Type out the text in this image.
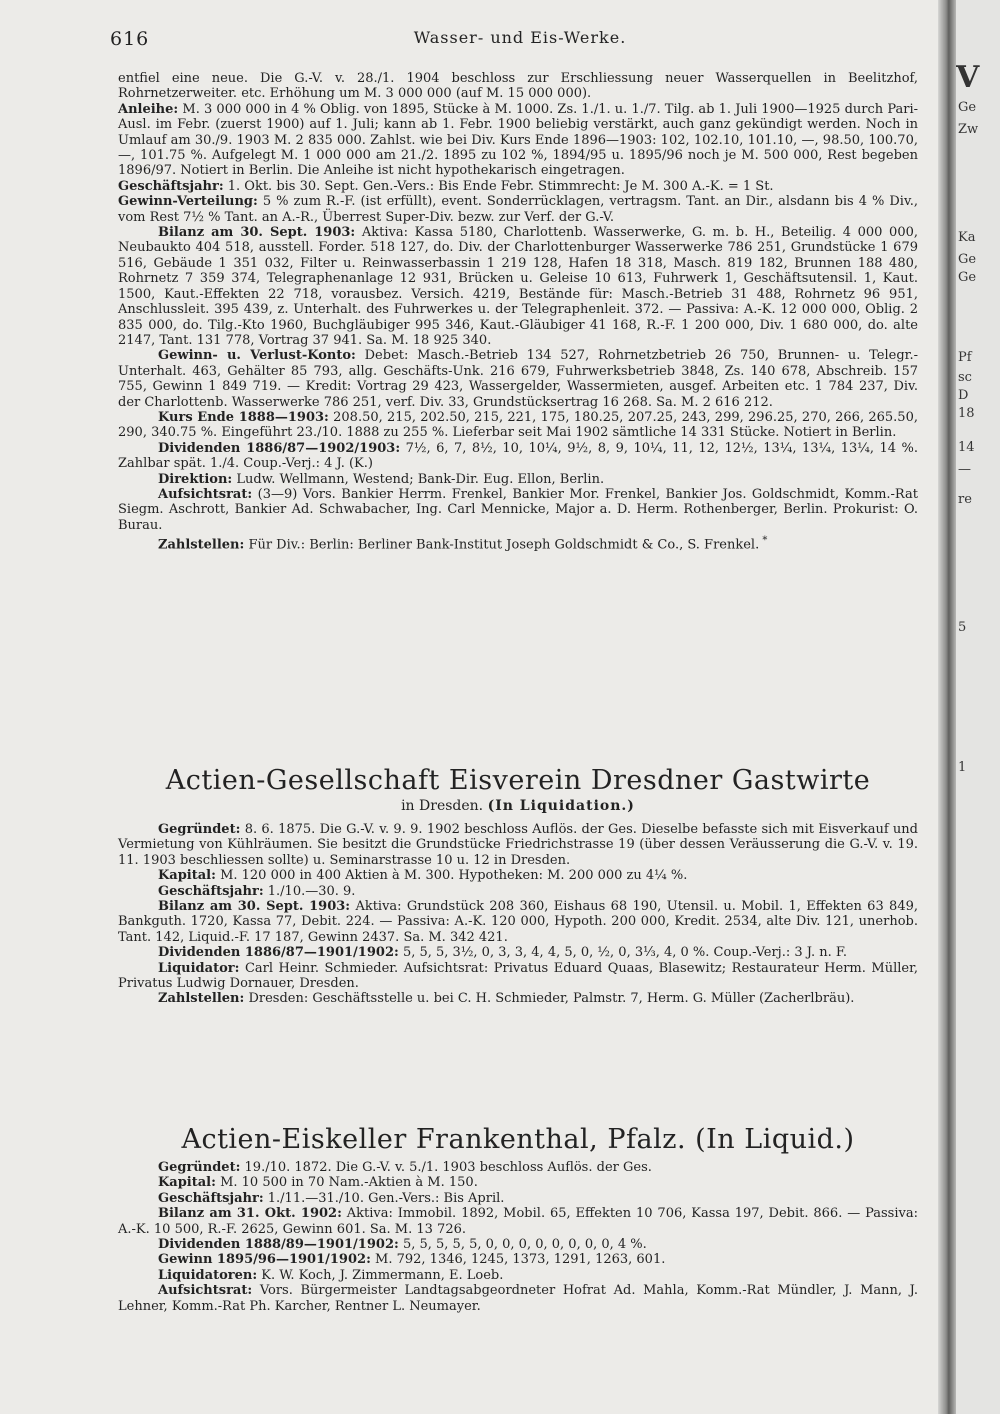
616	Wasser- und Eis-Werke.

entfiel eine neue. Die G.-V. v. 28./1. 1904 beschloss zur Erschliessung neuer Wasserquellen in Beelitzhof, Rohrnetzerweiter. etc. Erhöhung um M. 3 000 000 (auf M. 15 000 000).

Anleihe: M. 3 000 000 in 4 % Oblig. von 1895, Stücke à M. 1000. Zs. 1./1. u. 1./7. Tilg. ab 1. Juli 1900—1925 durch Pari-Ausl. im Febr. (zuerst 1900) auf 1. Juli; kann ab 1. Febr. 1900 beliebig verstärkt, auch ganz gekündigt werden. Noch in Umlauf am 30./9. 1903 M. 2 835 000. Zahlst. wie bei Div. Kurs Ende 1896—1903: 102, 102.10, 101.10, —, 98.50, 100.70, —, 101.75 %. Aufgelegt M. 1 000 000 am 21./2. 1895 zu 102 %, 1894/95 u. 1895/96 noch je M. 500 000, Rest begeben 1896/97. Notiert in Berlin. Die Anleihe ist nicht hypothekarisch eingetragen.

Geschäftsjahr: 1. Okt. bis 30. Sept. Gen.-Vers.: Bis Ende Febr. Stimmrecht: Je M. 300 A.-K. = 1 St.

Gewinn-Verteilung: 5 % zum R.-F. (ist erfüllt), event. Sonderrücklagen, vertragsm. Tant. an Dir., alsdann bis 4 % Div., vom Rest 7½ % Tant. an A.-R., Überrest Super-Div. bezw. zur Verf. der G.-V.

Bilanz am 30. Sept. 1903: Aktiva: Kassa 5180, Charlottenb. Wasserwerke, G. m. b. H., Beteilig. 4 000 000, Neubaukto 404 518, ausstell. Forder. 518 127, do. Div. der Charlottenburger Wasserwerke 786 251, Grundstücke 1 679 516, Gebäude 1 351 032, Filter u. Reinwasserbassin 1 219 128, Hafen 18 318, Masch. 819 182, Brunnen 188 480, Rohrnetz 7 359 374, Telegraphenanlage 12 931, Brücken u. Geleise 10 613, Fuhrwerk 1, Geschäftsutensil. 1, Kaut. 1500, Kaut.-Effekten 22 718, vorausbez. Versich. 4219, Bestände für: Masch.-Betrieb 31 488, Rohrnetz 96 951, Anschlussleit. 395 439, z. Unterhalt. des Fuhrwerkes u. der Telegraphenleit. 372. — Passiva: A.-K. 12 000 000, Oblig. 2 835 000, do. Tilg.-Kto 1960, Buchgläubiger 995 346, Kaut.-Gläubiger 41 168, R.-F. 1 200 000, Div. 1 680 000, do. alte 2147, Tant. 131 778, Vortrag 37 941. Sa. M. 18 925 340.

Gewinn- u. Verlust-Konto: Debet: Masch.-Betrieb 134 527, Rohrnetzbetrieb 26 750, Brunnen- u. Telegr.-Unterhalt. 463, Gehälter 85 793, allg. Geschäfts-Unk. 216 679, Fuhrwerksbetrieb 3848, Zs. 140 678, Abschreib. 157 755, Gewinn 1 849 719. — Kredit: Vortrag 29 423, Wassergelder, Wassermieten, ausgef. Arbeiten etc. 1 784 237, Div. der Charlottenb. Wasserwerke 786 251, verf. Div. 33, Grundstücksertrag 16 268. Sa. M. 2 616 212.

Kurs Ende 1888—1903: 208.50, 215, 202.50, 215, 221, 175, 180.25, 207.25, 243, 299, 296.25, 270, 266, 265.50, 290, 340.75 %. Eingeführt 23./10. 1888 zu 255 %. Lieferbar seit Mai 1902 sämtliche 14 331 Stücke. Notiert in Berlin.

Dividenden 1886/87—1902/1903: 7½, 6, 7, 8½, 10, 10¼, 9½, 8, 9, 10¼, 11, 12, 12½, 13¼, 13¼, 13¼, 14 %. Zahlbar spät. 1./4. Coup.-Verj.: 4 J. (K.)

Direktion: Ludw. Wellmann, Westend; Bank-Dir. Eug. Ellon, Berlin.

Aufsichtsrat: (3—9) Vors. Bankier Herrm. Frenkel, Bankier Mor. Frenkel, Bankier Jos. Goldschmidt, Komm.-Rat Siegm. Aschrott, Bankier Ad. Schwabacher, Ing. Carl Mennicke, Major a. D. Herm. Rothenberger, Berlin. Prokurist: O. Burau.

Zahlstellen: Für Div.: Berlin: Berliner Bank-Institut Joseph Goldschmidt & Co., S. Frenkel. *

Actien-Gesellschaft Eisverein Dresdner Gastwirte
in Dresden. (In Liquidation.)

Gegründet: 8. 6. 1875. Die G.-V. v. 9. 9. 1902 beschloss Auflös. der Ges. Dieselbe befasste sich mit Eisverkauf und Vermietung von Kühlräumen. Sie besitzt die Grundstücke Friedrichstrasse 19 (über dessen Veräusserung die G.-V. v. 19. 11. 1903 beschliessen sollte) u. Seminarstrasse 10 u. 12 in Dresden.

Kapital: M. 120 000 in 400 Aktien à M. 300. Hypotheken: M. 200 000 zu 4¼ %.

Geschäftsjahr: 1./10.—30. 9.

Bilanz am 30. Sept. 1903: Aktiva: Grundstück 208 360, Eishaus 68 190, Utensil. u. Mobil. 1, Effekten 63 849, Bankguth. 1720, Kassa 77, Debit. 224. — Passiva: A.-K. 120 000, Hypoth. 200 000, Kredit. 2534, alte Div. 121, unerhob. Tant. 142, Liquid.-F. 17 187, Gewinn 2437. Sa. M. 342 421.

Dividenden 1886/87—1901/1902: 5, 5, 5, 3½, 0, 3, 3, 4, 4, 5, 0, ½, 0, 3⅓, 4, 0 %. Coup.-Verj.: 3 J. n. F.

Liquidator: Carl Heinr. Schmieder. Aufsichtsrat: Privatus Eduard Quaas, Blasewitz; Restaurateur Herm. Müller, Privatus Ludwig Dornauer, Dresden.

Zahlstellen: Dresden: Geschäftsstelle u. bei C. H. Schmieder, Palmstr. 7, Herm. G. Müller (Zacherlbräu).

Actien-Eiskeller Frankenthal, Pfalz. (In Liquid.)

Gegründet: 19./10. 1872. Die G.-V. v. 5./1. 1903 beschloss Auflös. der Ges.

Kapital: M. 10 500 in 70 Nam.-Aktien à M. 150.

Geschäftsjahr: 1./11.—31./10. Gen.-Vers.: Bis April.

Bilanz am 31. Okt. 1902: Aktiva: Immobil. 1892, Mobil. 65, Effekten 10 706, Kassa 197, Debit. 866. — Passiva: A.-K. 10 500, R.-F. 2625, Gewinn 601. Sa. M. 13 726.

Dividenden 1888/89—1901/1902: 5, 5, 5, 5, 5, 0, 0, 0, 0, 0, 0, 0, 0, 4 %.

Gewinn 1895/96—1901/1902: M. 792, 1346, 1245, 1373, 1291, 1263, 601.

Liquidatoren: K. W. Koch, J. Zimmermann, E. Loeb.

Aufsichtsrat: Vors. Bürgermeister Landtagsabgeordneter Hofrat Ad. Mahla, Komm.-Rat Mündler, J. Mann, J. Lehner, Komm.-Rat Ph. Karcher, Rentner L. Neumayer.

V
Ge
Zw
Ka
Ge
Ge
Pf
sc
D
18
14
—
re
5
1
